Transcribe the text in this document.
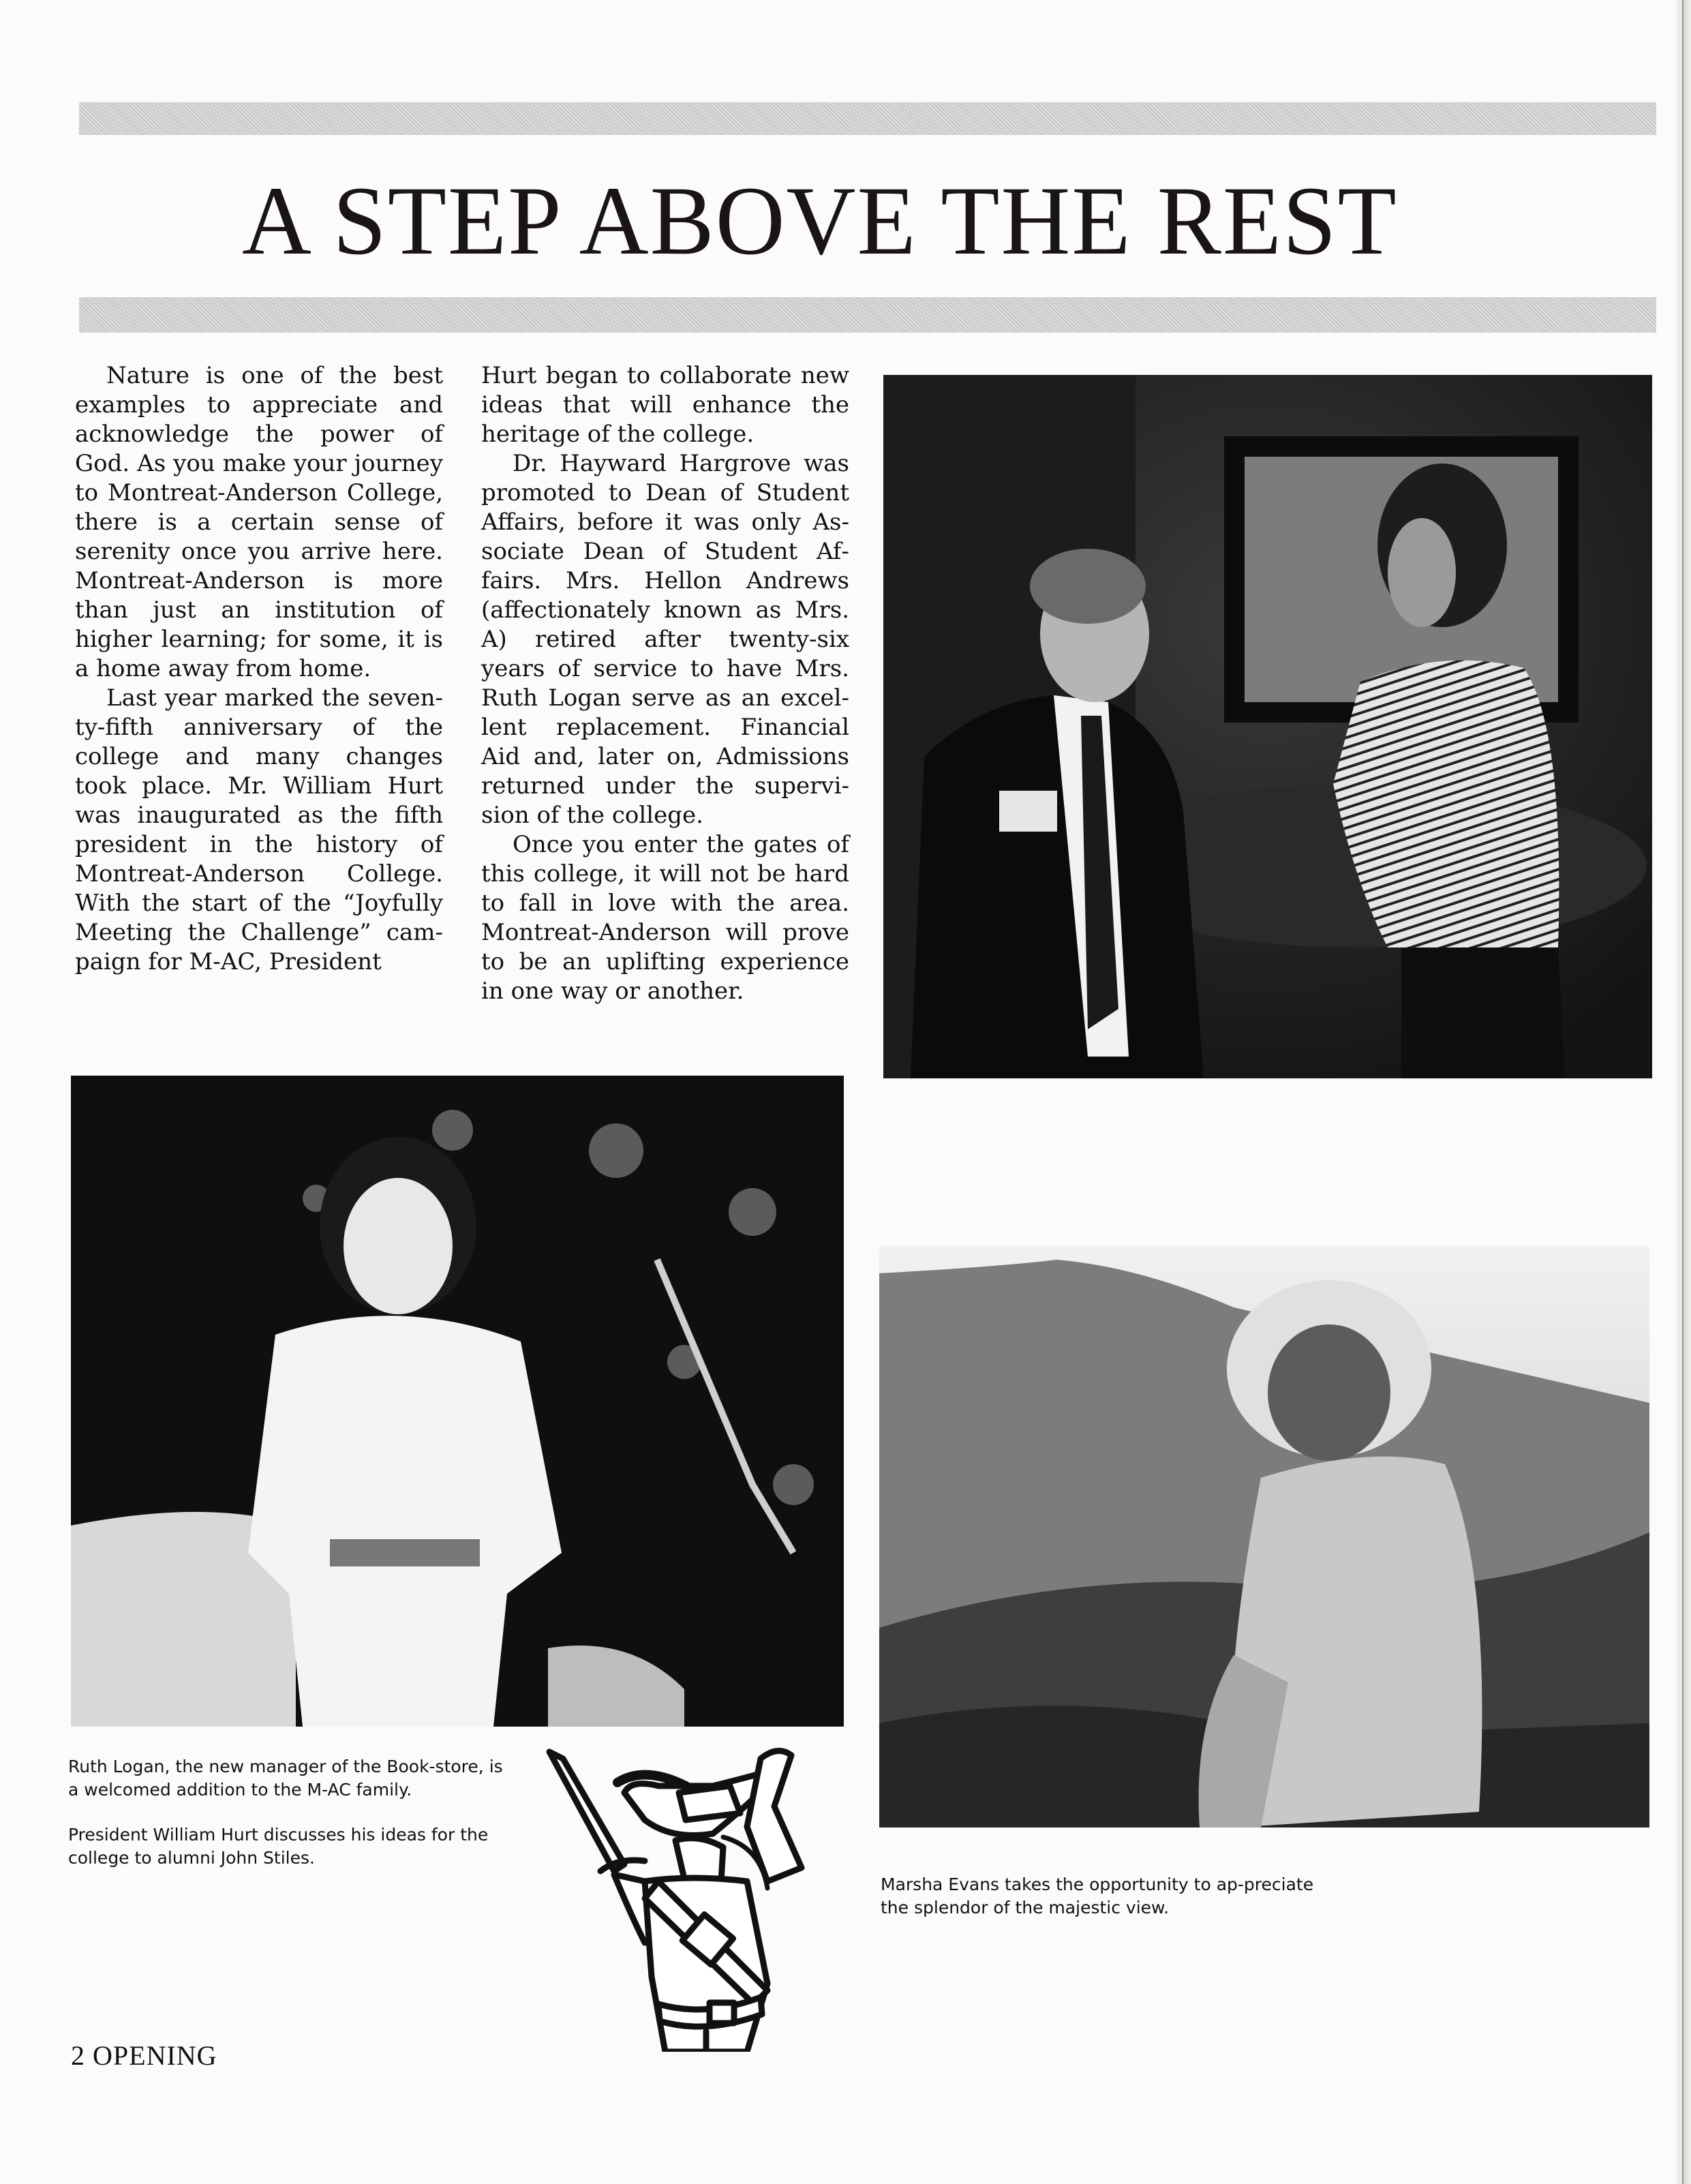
A STEP ABOVE THE REST

Nature is one of the best examples to appreciate and acknowledge the power of God. As you make your journey to Montreat-Anderson College, there is a certain sense of serenity once you arrive here. Montreat-Anderson is more than just an institution of higher learning; for some, it is a home away from home.

Last year marked the seventy-fifth anniversary of the college and many changes took place. Mr. William Hurt was inaugurated as the fifth president in the history of Montreat-Anderson College. With the start of the “Joyfully Meeting the Challenge” campaign for M-AC, President

Hurt began to collaborate new ideas that will enhance the heritage of the college.

Dr. Hayward Hargrove was promoted to Dean of Student Affairs, before it was only Associate Dean of Student Affairs. Mrs. Hellon Andrews (affectionately known as Mrs. A) retired after twenty-six years of service to have Mrs. Ruth Logan serve as an excellent replacement. Financial Aid and, later on, Admissions returned under the supervision of the college.

Once you enter the gates of this college, it will not be hard to fall in love with the area. Montreat-Anderson will prove to be an uplifting experience in one way or another.

Ruth Logan, the new manager of the Book-store, is a welcomed addition to the M-AC family.

President William Hurt discusses his ideas for the college to alumni John Stiles.

Marsha Evans takes the opportunity to ap-preciate the splendor of the majestic view.
2 OPENING
